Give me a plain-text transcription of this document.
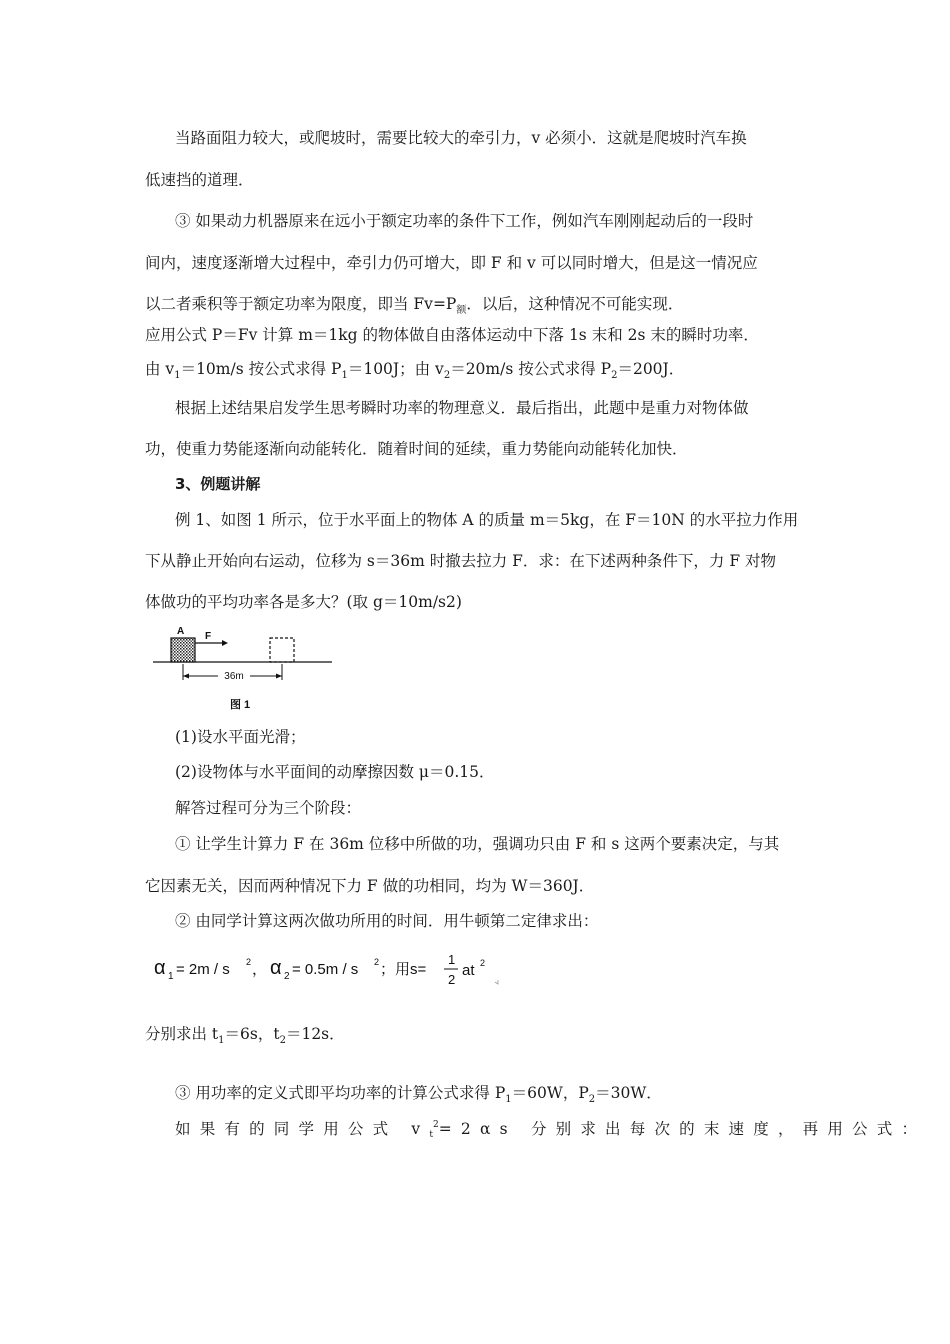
当路面阻力较大，或爬坡时，需要比较大的牵引力，v 必须小．这就是爬坡时汽车换
低速挡的道理．
③ 如果动力机器原来在远小于额定功率的条件下工作，例如汽车刚刚起动后的一段时
间内，速度逐渐增大过程中，牵引力仍可增大，即 F 和 v 可以同时增大，但是这一情况应
以二者乘积等于额定功率为限度，即当 $Fv=P_额$．以后，这种情况不可能实现．
应用公式 P＝Fv 计算 m＝1kg 的物体做自由落体运动中下落 1s 末和 2s 末的瞬时功率．
由 $v_1=10m/s$ 按公式求得 $P_1=100J$；由 $v_2=20m/s$ 按公式求得 $P_2=200J$．
根据上述结果启发学生思考瞬时功率的物理意义．最后指出，此题中是重力对物体做
功，使重力势能逐渐向动能转化．随着时间的延续，重力势能向动能转化加快．
3、例题讲解
例 1、如图 1 所示，位于水平面上的物体 A 的质量 m＝5kg，在 F＝10N 的水平拉力作用
下从静止开始向右运动，位移为 s＝36m 时撤去拉力 F．求：在下述两种条件下，力 F 对物
体做功的平均功率各是多大？(取 g＝10m/s2)
A F
36m
图 1
(1)设水平面光滑；
(2)设物体与水平面间的动摩擦因数 μ＝0.15．
解答过程可分为三个阶段：
① 让学生计算力 F 在 36m 位移中所做的功，强调功只由 F 和 s 这两个要素决定，与其
它因素无关，因而两种情况下力 F 做的功相同，均为 W＝360J．
② 由同学计算这两次做功所用的时间．用牛顿第二定律求出：
α 1 = 2m / s 2 ， α 2 = 0.5m / s 2 ；用s=
1
2
at 2
分别求出 $t_1=6s$，$t_2=12s$．
③ 用功率的定义式即平均功率的计算公式求得 $P_1=60W$，$P_2=30W$．
如果有的同学用公式 $v_t^2=2\alpha s$ 分别求出每次的末速度，再用公式：
